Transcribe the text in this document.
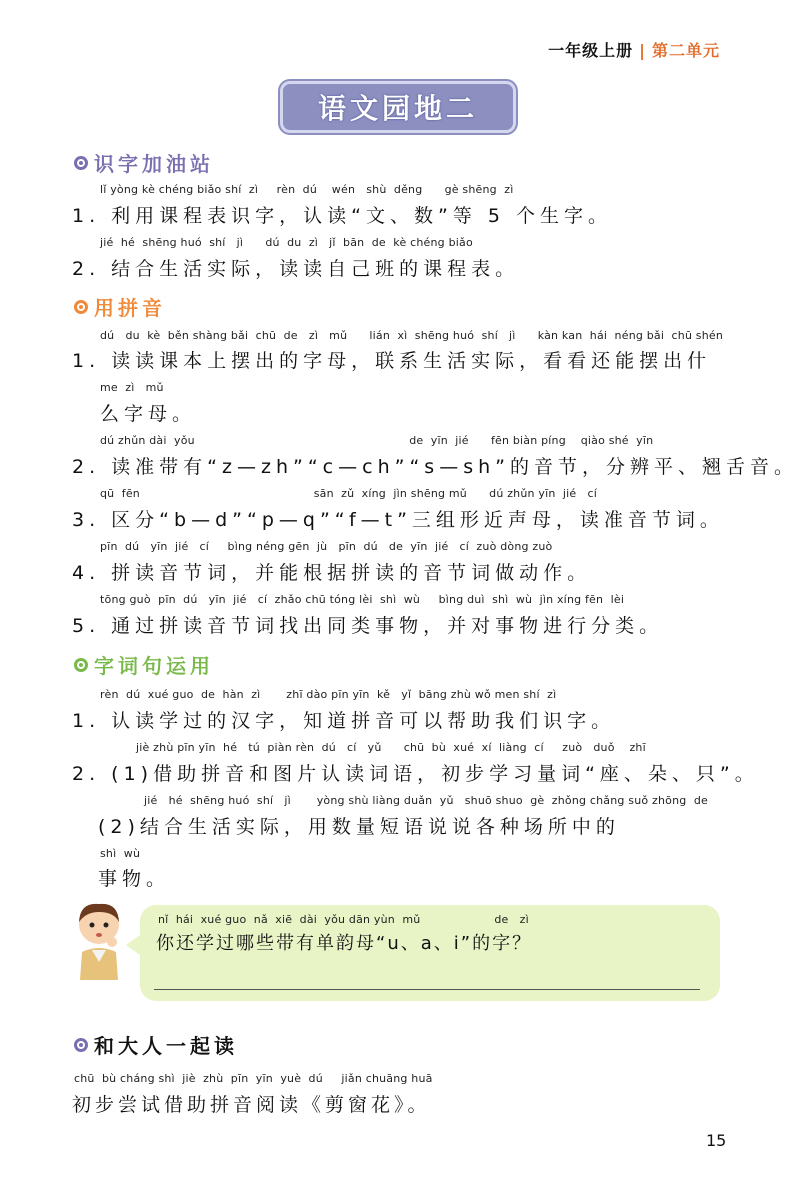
一年级上册 | 第二单元
语文园地二
识字加油站
lǐ yòng kè chéng biǎo shí  zì     rèn  dú    wén   shù  děng      gè shēng  zì
1. 利用课程表识字，认读“文、数”等 5 个生字。
jié  hé  shēng huó  shí   jì      dú  du  zì   jǐ  bān  de  kè chéng biǎo
2. 结合生活实际，读读自己班的课程表。
用拼音
dú   du  kè  běn shàng bǎi  chū  de   zì   mǔ      lián  xì  shēng huó  shí   jì      kàn kan  hái  néng bǎi  chū shén
1. 读读课本上摆出的字母，联系生活实际，看看还能摆出什
me  zì   mǔ
么字母。
dú zhǔn dài  yǒu                                                          de  yīn  jié      fēn biàn píng    qiào shé  yīn
2. 读准带有“z—zh”“c—ch”“s—sh”的音节，分辨平、翘舌音。
qū  fēn                                               sān  zǔ  xíng  jìn shēng mǔ      dú zhǔn yīn  jié   cí
3. 区分“b—d”“p—q”“f—t”三组形近声母，读准音节词。
pīn  dú   yīn  jié   cí     bìng néng gēn  jù   pīn  dú   de  yīn  jié   cí  zuò dòng zuò
4. 拼读音节词，并能根据拼读的音节词做动作。
tōng guò  pīn  dú   yīn  jié   cí  zhǎo chū tóng lèi  shì  wù     bìng duì  shì  wù  jìn xíng fēn  lèi
5. 通过拼读音节词找出同类事物，并对事物进行分类。
字词句运用
rèn  dú  xué guo  de  hàn  zì       zhī dào pīn yīn  kě   yǐ  bāng zhù wǒ men shí  zì
1. 认读学过的汉字，知道拼音可以帮助我们识字。
jiè zhù pīn yīn  hé   tú  piàn rèn  dú   cí   yǔ      chū  bù  xué  xí  liàng  cí     zuò   duǒ    zhī
2. (1)借助拼音和图片认读词语，初步学习量词“座、朵、只”。
jié   hé  shēng huó  shí   jì       yòng shù liàng duǎn  yǔ   shuō shuo  gè  zhǒng chǎng suǒ zhōng  de
(2)结合生活实际，用数量短语说说各种场所中的
shì  wù
事物。
nǐ  hái  xué guo  nǎ  xiē  dài  yǒu dān yùn  mǔ                    de   zì
你还学过哪些带有单韵母“u、a、i”的字？
和大人一起读
chū  bù cháng shì  jiè  zhù  pīn  yīn  yuè  dú     jiǎn chuāng huā
初步尝试借助拼音阅读《剪窗花》。
15
